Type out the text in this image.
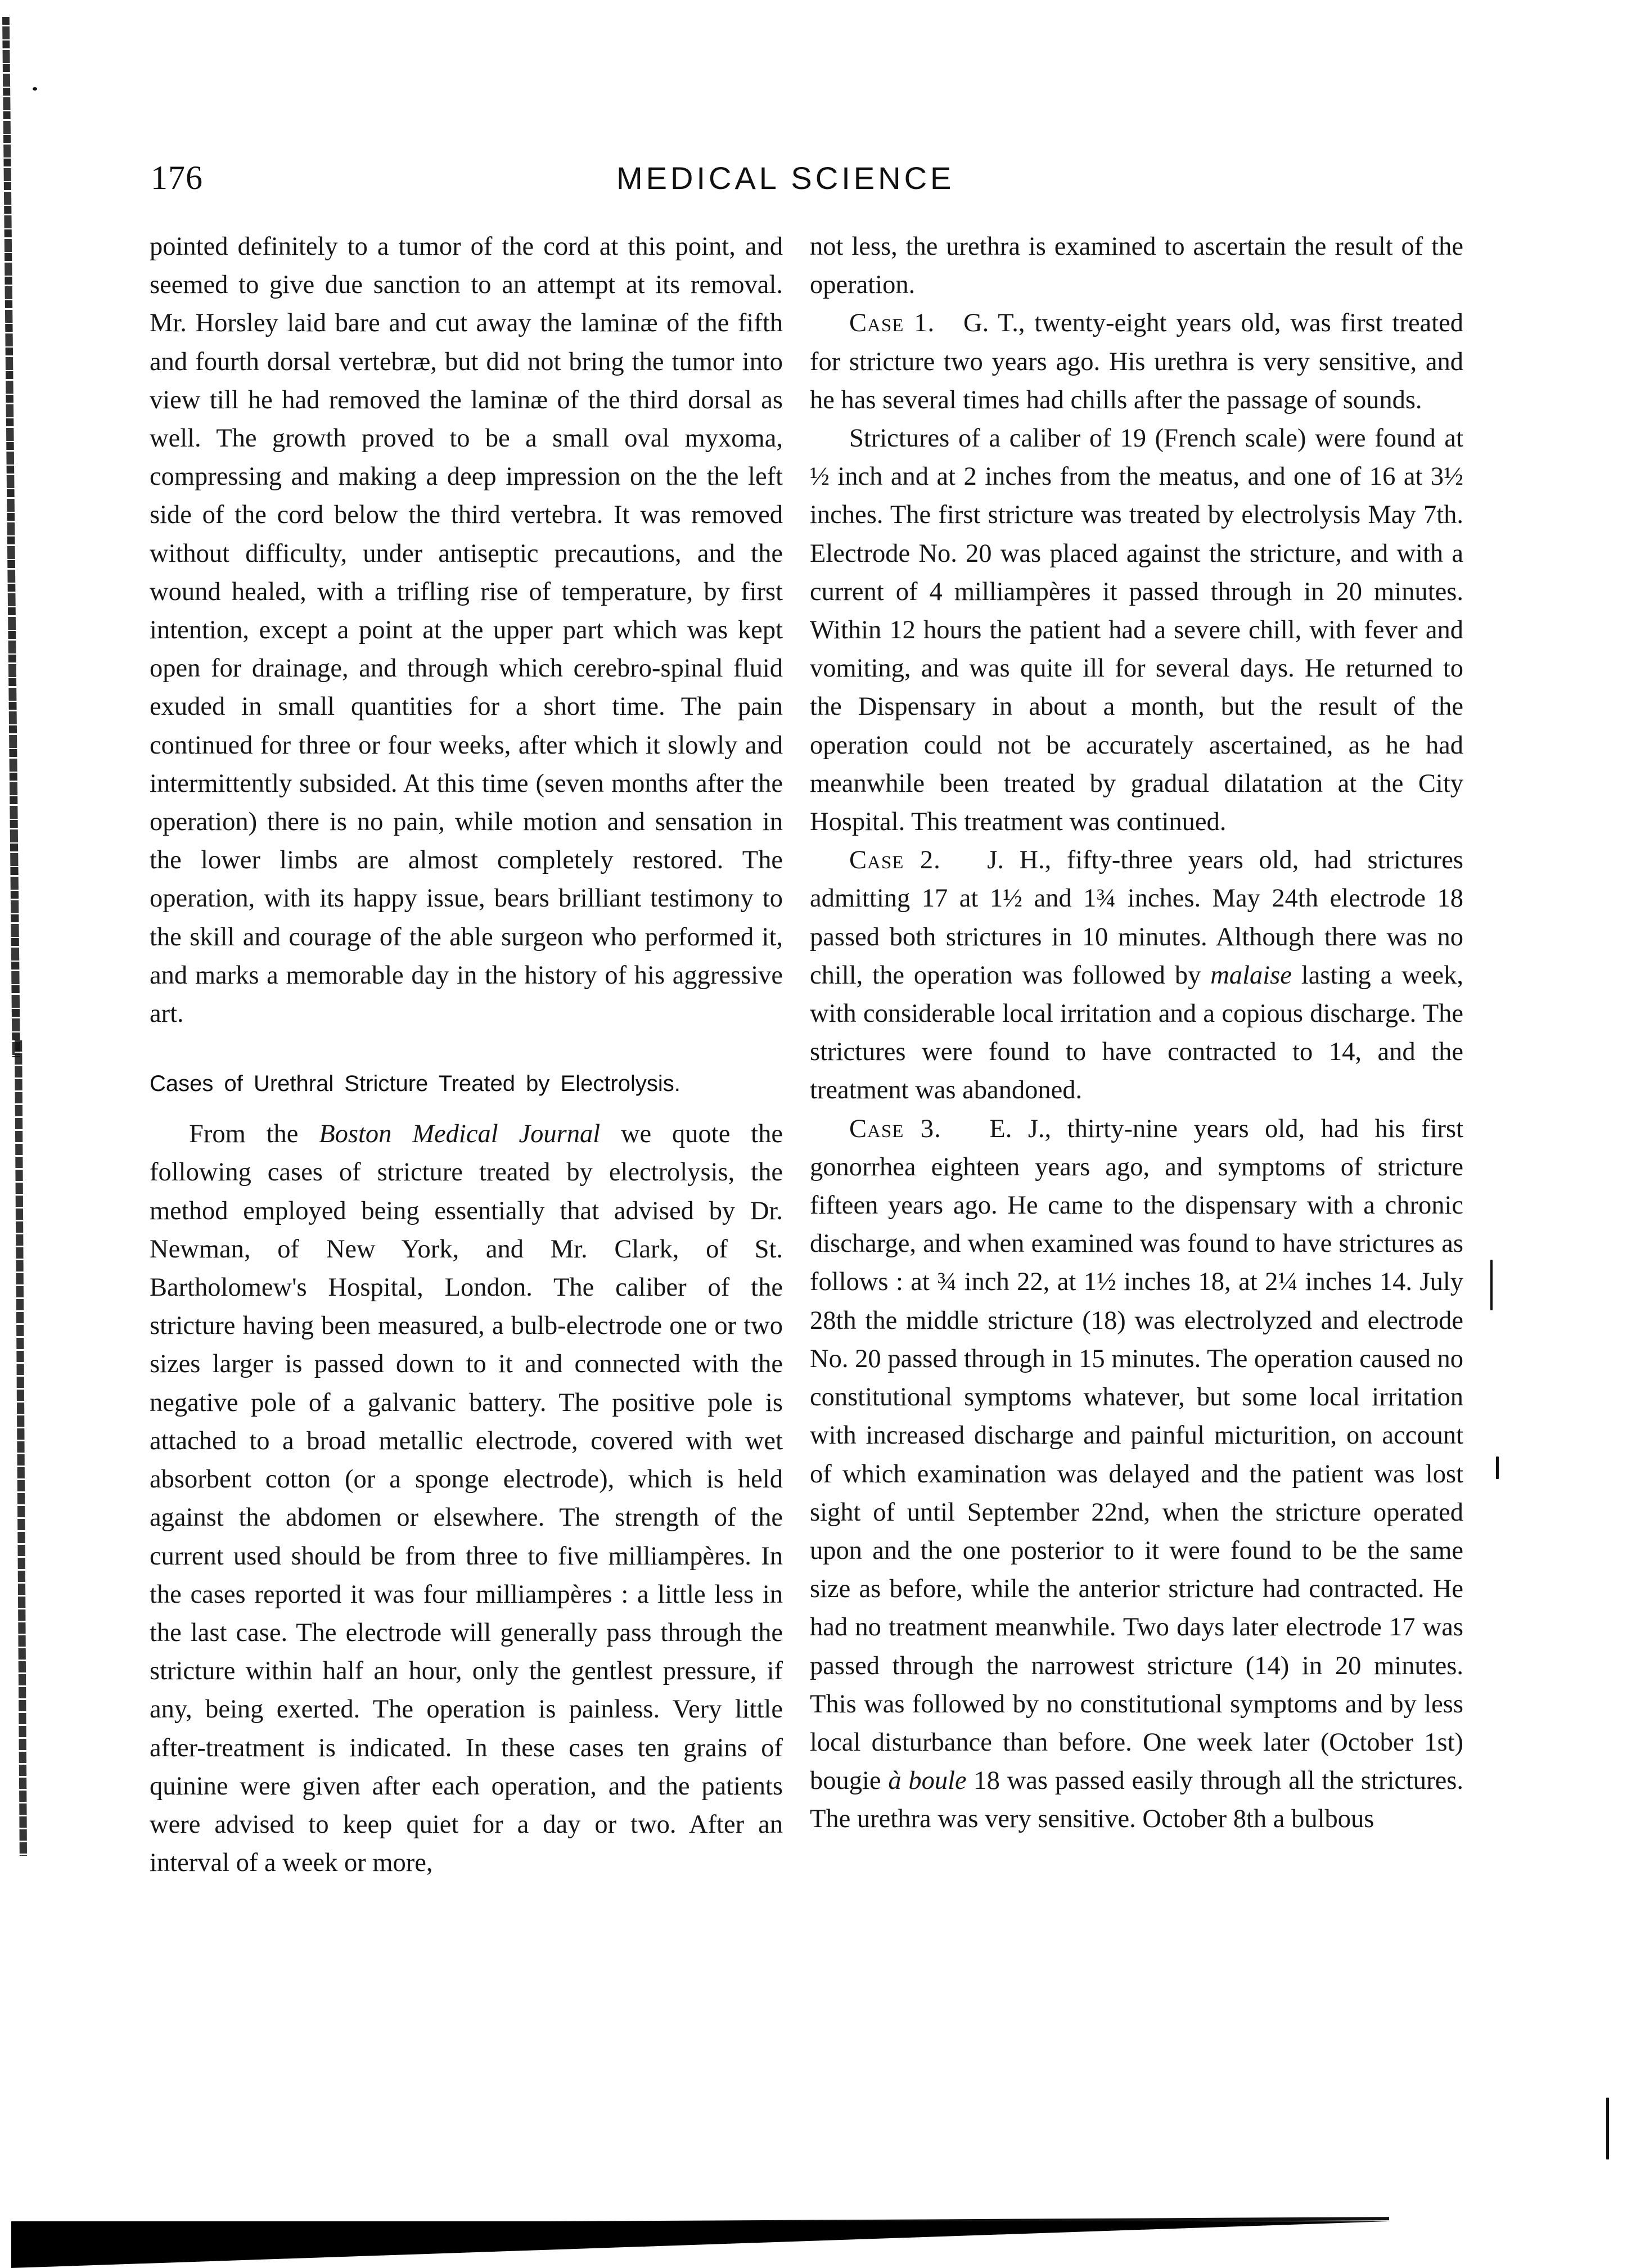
176	MEDICAL SCIENCE

pointed definitely to a tumor of the cord at this point, and seemed to give due sanction to an attempt at its removal. Mr. Horsley laid bare and cut away the laminæ of the fifth and fourth dorsal vertebræ, but did not bring the tumor into view till he had removed the laminæ of the third dorsal as well. The growth proved to be a small oval myxoma, compressing and making a deep impression on the the left side of the cord below the third vertebra. It was removed without difficulty, under antiseptic precautions, and the wound healed, with a trifling rise of temperature, by first intention, except a point at the upper part which was kept open for drainage, and through which cerebro-spinal fluid exuded in small quantities for a short time. The pain continued for three or four weeks, after which it slowly and intermittently subsided. At this time (seven months after the operation) there is no pain, while motion and sensation in the lower limbs are almost completely restored. The operation, with its happy issue, bears brilliant testimony to the skill and courage of the able surgeon who performed it, and marks a memorable day in the history of his aggressive art.

Cases of Urethral Stricture Treated by Electrolysis.

From the Boston Medical Journal we quote the following cases of stricture treated by electrolysis, the method employed being essentially that advised by Dr. Newman, of New York, and Mr. Clark, of St. Bartholomew's Hospital, London. The caliber of the stricture having been measured, a bulb-electrode one or two sizes larger is passed down to it and connected with the negative pole of a galvanic battery. The positive pole is attached to a broad metallic electrode, covered with wet absorbent cotton (or a sponge electrode), which is held against the abdomen or elsewhere. The strength of the current used should be from three to five milliampères. In the cases reported it was four milliampères : a little less in the last case. The electrode will generally pass through the stricture within half an hour, only the gentlest pressure, if any, being exerted. The operation is painless. Very little after-treatment is indicated. In these cases ten grains of quinine were given after each operation, and the patients were advised to keep quiet for a day or two. After an interval of a week or more,

not less, the urethra is examined to ascertain the result of the operation.

Case 1. G. T., twenty-eight years old, was first treated for stricture two years ago. His urethra is very sensitive, and he has several times had chills after the passage of sounds.

Strictures of a caliber of 19 (French scale) were found at ½ inch and at 2 inches from the meatus, and one of 16 at 3½ inches. The first stricture was treated by electrolysis May 7th. Electrode No. 20 was placed against the stricture, and with a current of 4 milliampères it passed through in 20 minutes. Within 12 hours the patient had a severe chill, with fever and vomiting, and was quite ill for several days. He returned to the Dispensary in about a month, but the result of the operation could not be accurately ascertained, as he had meanwhile been treated by gradual dilatation at the City Hospital. This treatment was continued.

Case 2. J. H., fifty-three years old, had strictures admitting 17 at 1½ and 1¾ inches. May 24th electrode 18 passed both strictures in 10 minutes. Although there was no chill, the operation was followed by malaise lasting a week, with considerable local irritation and a copious discharge. The strictures were found to have contracted to 14, and the treatment was abandoned.

Case 3. E. J., thirty-nine years old, had his first gonorrhea eighteen years ago, and symptoms of stricture fifteen years ago. He came to the dispensary with a chronic discharge, and when examined was found to have strictures as follows : at ¾ inch 22, at 1½ inches 18, at 2¼ inches 14. July 28th the middle stricture (18) was electrolyzed and electrode No. 20 passed through in 15 minutes. The operation caused no constitutional symptoms whatever, but some local irritation with increased discharge and painful micturition, on account of which examination was delayed and the patient was lost sight of until September 22nd, when the stricture operated upon and the one posterior to it were found to be the same size as before, while the anterior stricture had contracted. He had no treatment meanwhile. Two days later electrode 17 was passed through the narrowest stricture (14) in 20 minutes. This was followed by no constitutional symptoms and by less local disturbance than before. One week later (October 1st) bougie à boule 18 was passed easily through all the strictures. The urethra was very sensitive. October 8th a bulbous
